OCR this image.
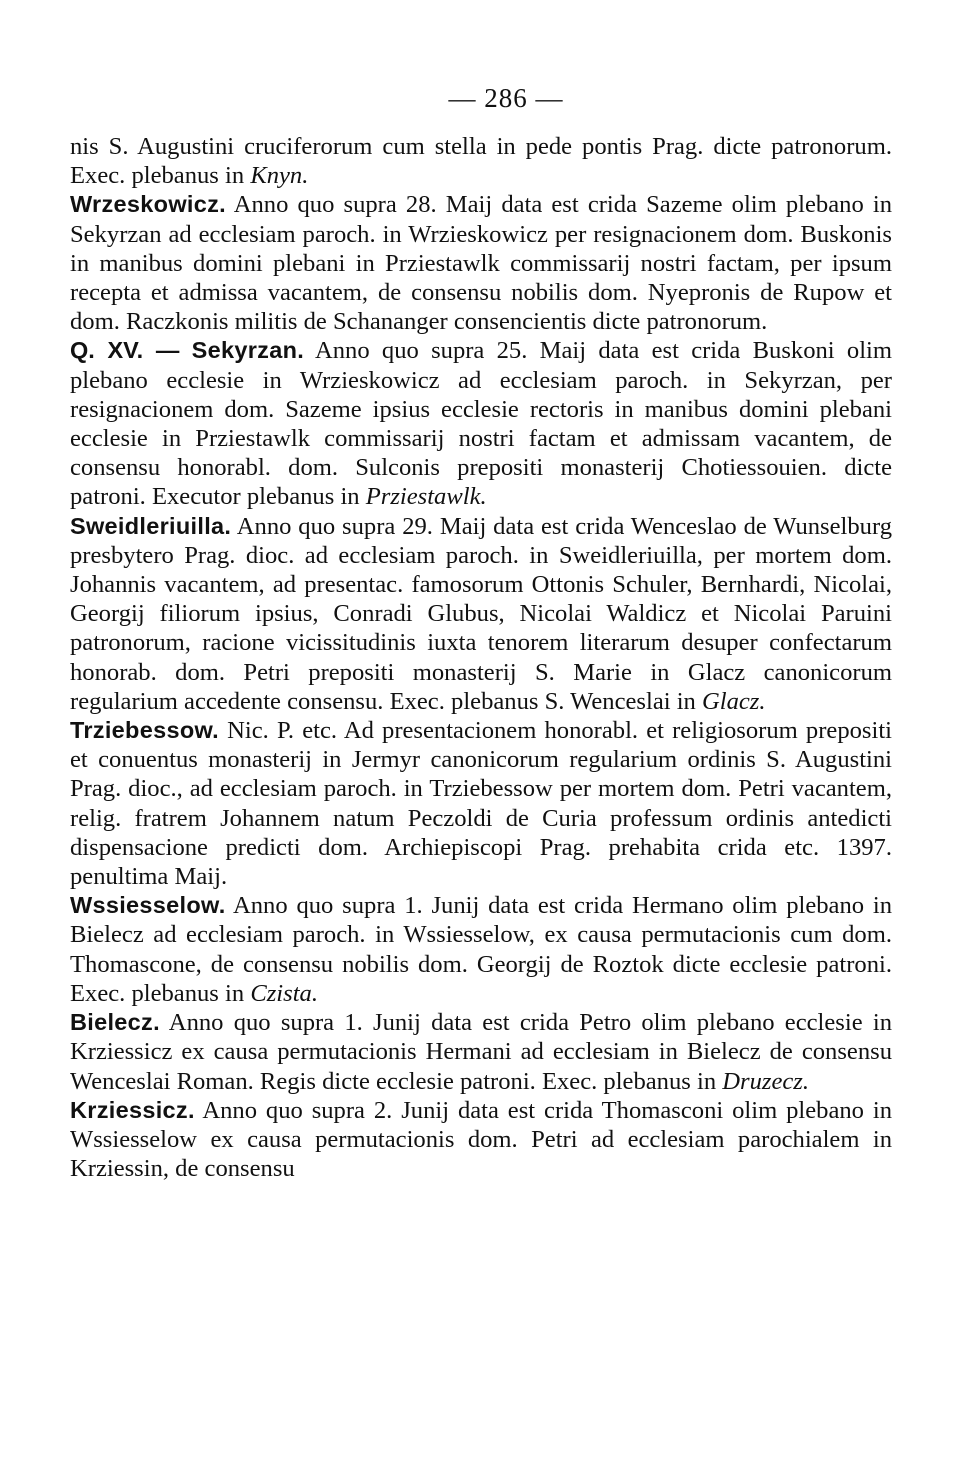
— 286 —

nis S. Augustini cruciferorum cum stella in pede pontis Prag. dicte patronorum. Exec. plebanus in Knyn.

Wrzeskowicz. Anno quo supra 28. Maij data est crida Sazeme olim plebano in Sekyrzan ad ecclesiam paroch. in Wrzieskowicz per resignacionem dom. Buskonis in manibus domini plebani in Prziestawlk commissarij nostri factam, per ipsum recepta et admissa vacantem, de consensu nobilis dom. Nyepronis de Rupow et dom. Raczkonis militis de Schananger consencientis dicte patronorum.

Q. XV. — Sekyrzan. Anno quo supra 25. Maij data est crida Buskoni olim plebano ecclesie in Wrzieskowicz ad ecclesiam paroch. in Sekyrzan, per resignacionem dom. Sazeme ipsius ecclesie rectoris in manibus domini plebani ecclesie in Prziestawlk commissarij nostri factam et admissam vacantem, de consensu honorabl. dom. Sulconis prepositi monasterij Chotiessouien. dicte patroni. Executor plebanus in Prziestawlk.

Sweidleriuilla. Anno quo supra 29. Maij data est crida Wenceslao de Wunselburg presbytero Prag. dioc. ad ecclesiam paroch. in Sweidleriuilla, per mortem dom. Johannis vacantem, ad presentac. famosorum Ottonis Schuler, Bernhardi, Nicolai, Georgij filiorum ipsius, Conradi Glubus, Nicolai Waldicz et Nicolai Paruini patronorum, racione vicissitudinis iuxta tenorem literarum desuper confectarum honorab. dom. Petri prepositi monasterij S. Marie in Glacz canonicorum regularium accedente consensu. Exec. plebanus S. Wenceslai in Glacz.

Trziebessow. Nic. P. etc. Ad presentacionem honorabl. et religiosorum prepositi et conuentus monasterij in Jermyr canonicorum regularium ordinis S. Augustini Prag. dioc., ad ecclesiam paroch. in Trziebessow per mortem dom. Petri vacantem, relig. fratrem Johannem natum Peczoldi de Curia professum ordinis antedicti dispensacione predicti dom. Archiepiscopi Prag. prehabita crida etc. 1397. penultima Maij.

Wssiesselow. Anno quo supra 1. Junij data est crida Hermano olim plebano in Bielecz ad ecclesiam paroch. in Wssiesselow, ex causa permutacionis cum dom. Thomascone, de consensu nobilis dom. Georgij de Roztok dicte ecclesie patroni. Exec. plebanus in Czista.

Bielecz. Anno quo supra 1. Junij data est crida Petro olim plebano ecclesie in Krziessicz ex causa permutacionis Hermani ad ecclesiam in Bielecz de consensu Wenceslai Roman. Regis dicte ecclesie patroni. Exec. plebanus in Druzecz.

Krziessicz. Anno quo supra 2. Junij data est crida Thomasconi olim plebano in Wssiesselow ex causa permutacionis dom. Petri ad ecclesiam parochialem in Krziessin, de consensu
